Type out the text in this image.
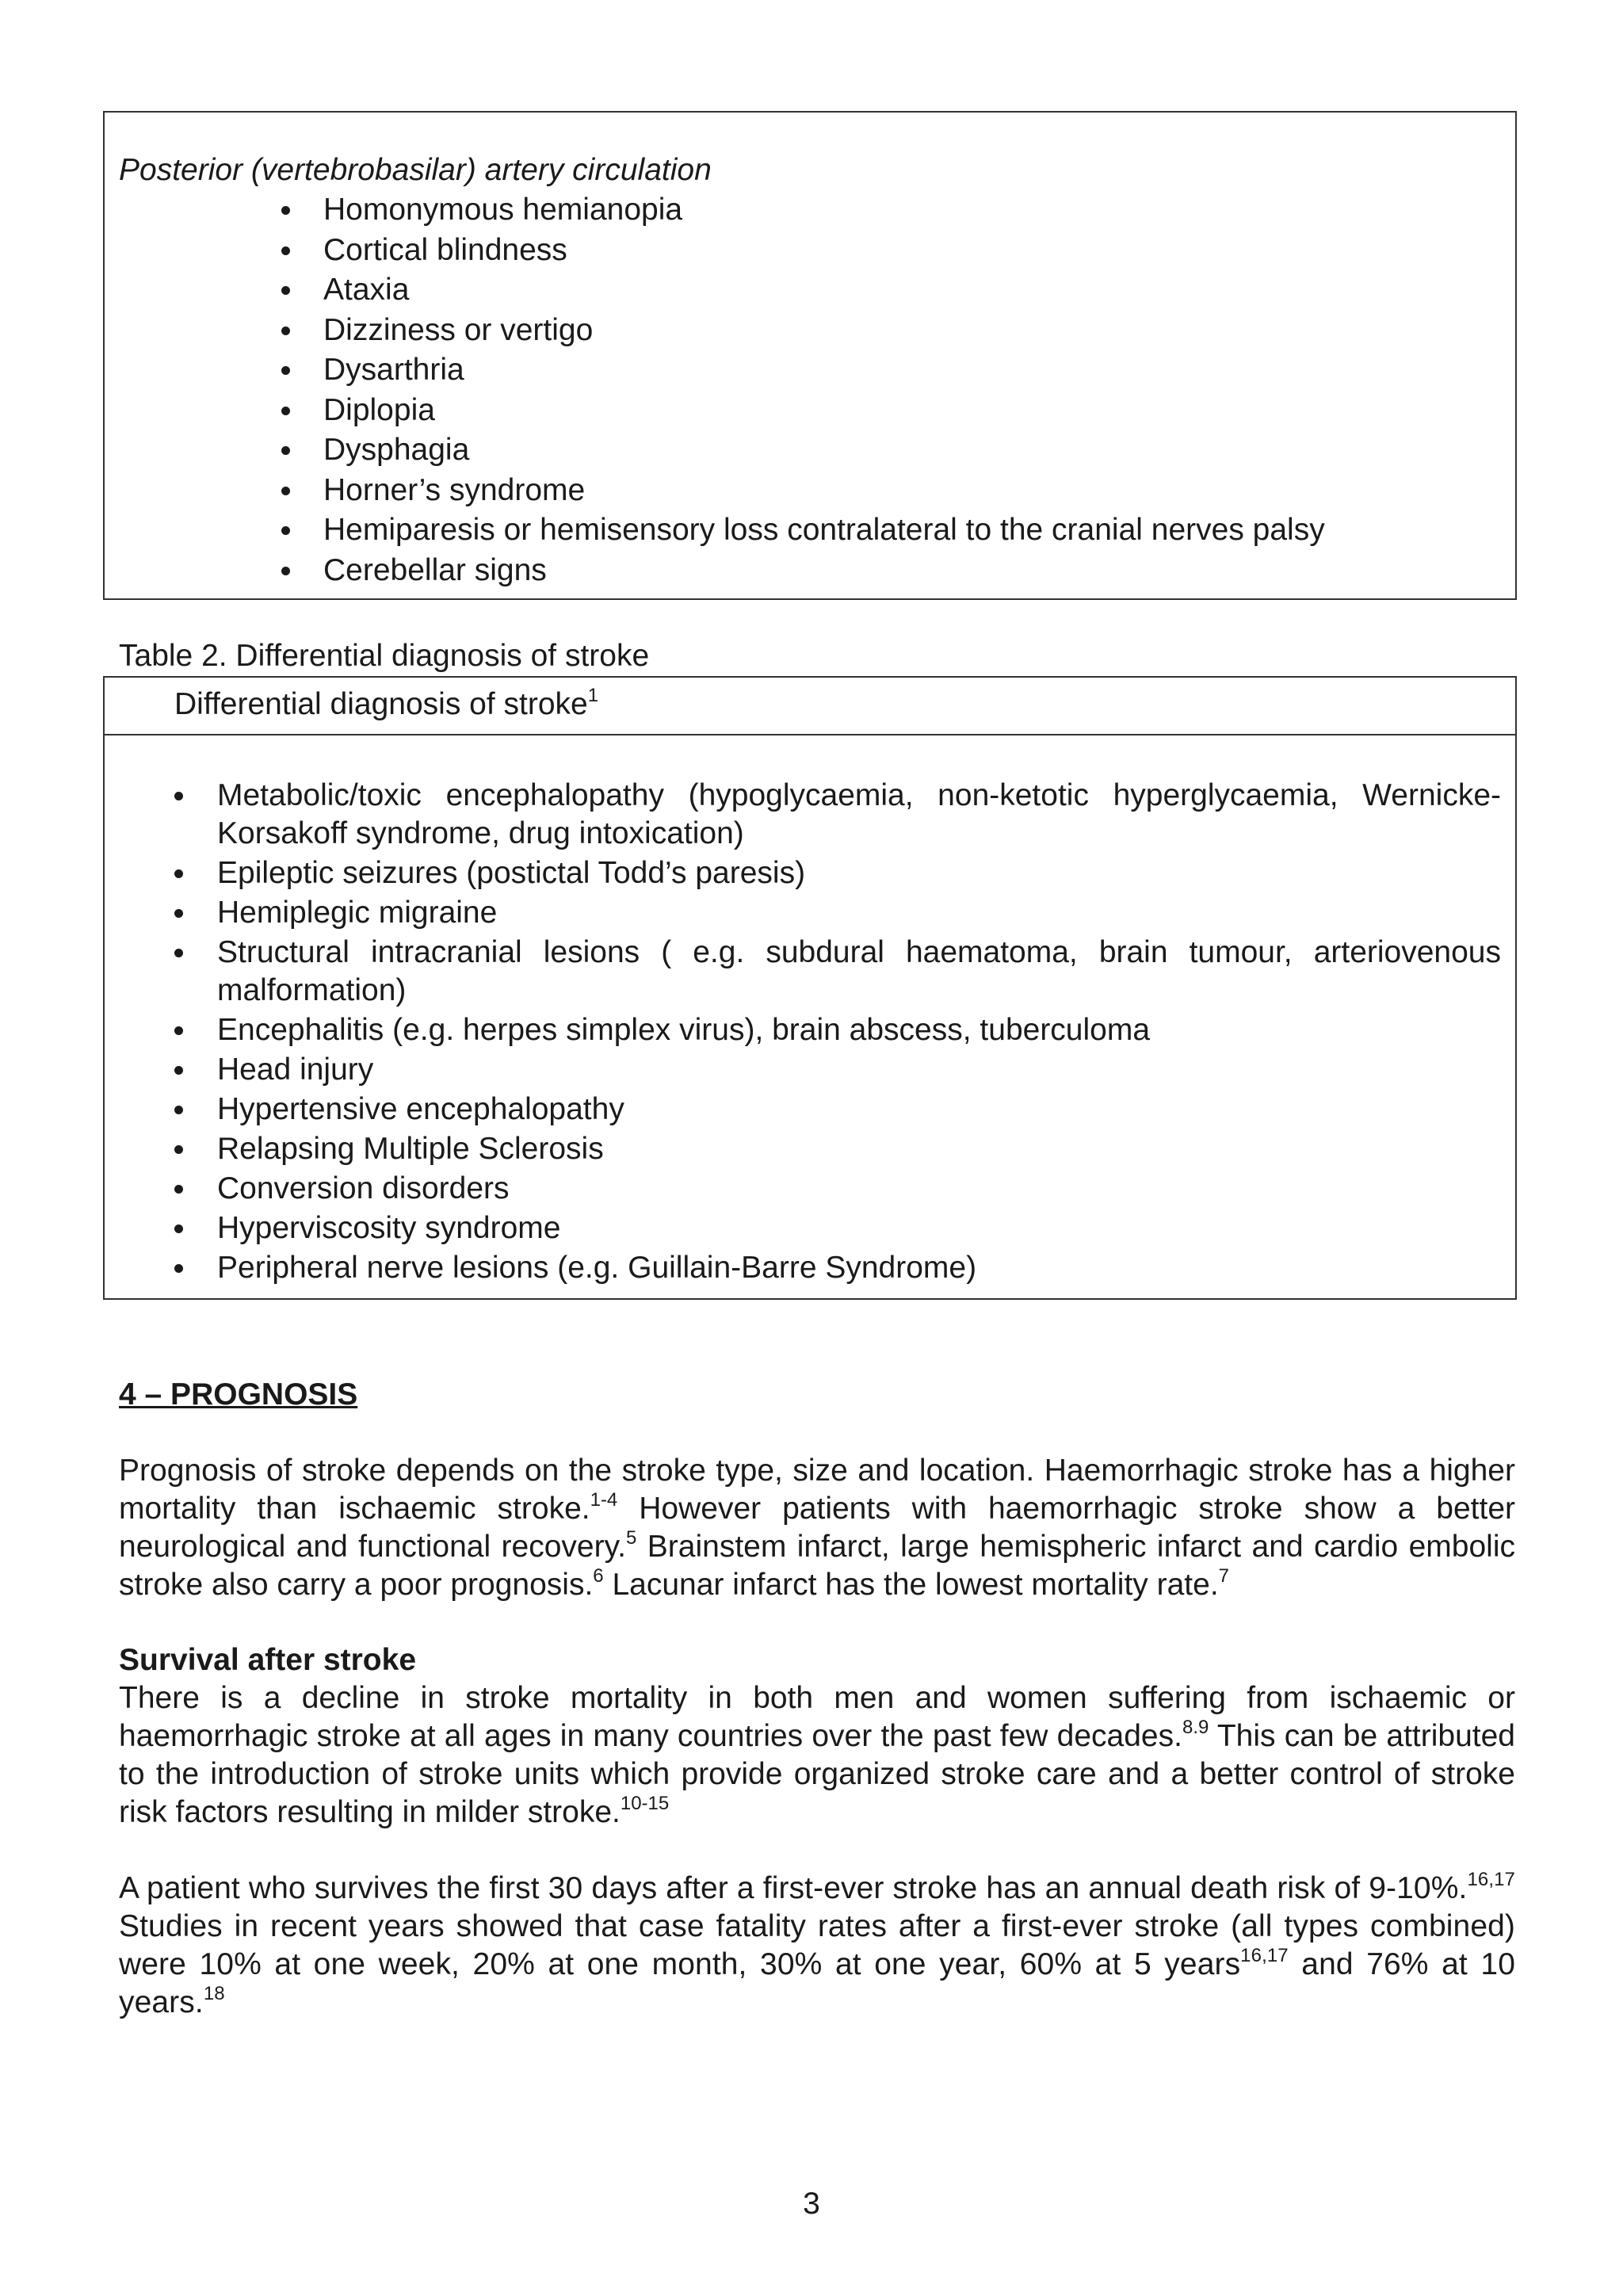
Posterior (vertebrobasilar) artery circulation
Homonymous hemianopia
Cortical blindness
Ataxia
Dizziness or vertigo
Dysarthria
Diplopia
Dysphagia
Horner’s syndrome
Hemiparesis or hemisensory loss contralateral to the cranial nerves palsy
Cerebellar signs
Table 2. Differential diagnosis of stroke
Differential diagnosis of stroke$^1$
Metabolic/toxic encephalopathy (hypoglycaemia, non-ketotic hyperglycaemia, Wernicke-Korsakoff syndrome, drug intoxication)
Epileptic seizures (postictal Todd’s paresis)
Hemiplegic migraine
Structural intracranial lesions ( e.g. subdural haematoma, brain tumour, arteriovenous malformation)
Encephalitis (e.g. herpes simplex virus), brain abscess, tuberculoma
Head injury
Hypertensive encephalopathy
Relapsing Multiple Sclerosis
Conversion disorders
Hyperviscosity syndrome
Peripheral nerve lesions (e.g. Guillain-Barre Syndrome)
4 – PROGNOSIS
Prognosis of stroke depends on the stroke type, size and location. Haemorrhagic stroke has a higher mortality than ischaemic stroke.$^{1-4}$ However patients with haemorrhagic stroke show a better neurological and functional recovery.$^5$ Brainstem infarct, large hemispheric infarct and cardio embolic stroke also carry a poor prognosis.$^6$ Lacunar infarct has the lowest mortality rate.$^7$
Survival after stroke
There is a decline in stroke mortality in both men and women suffering from ischaemic or haemorrhagic stroke at all ages in many countries over the past few decades.$^{8.9}$ This can be attributed to the introduction of stroke units which provide organized stroke care and a better control of stroke risk factors resulting in milder stroke.$^{10-15}$
A patient who survives the first 30 days after a first-ever stroke has an annual death risk of 9-10%.$^{16,17}$ Studies in recent years showed that case fatality rates after a first-ever stroke (all types combined) were 10% at one week, 20% at one month, 30% at one year, 60% at 5 years$^{16,17}$ and 76% at 10 years.$^{18}$
3
